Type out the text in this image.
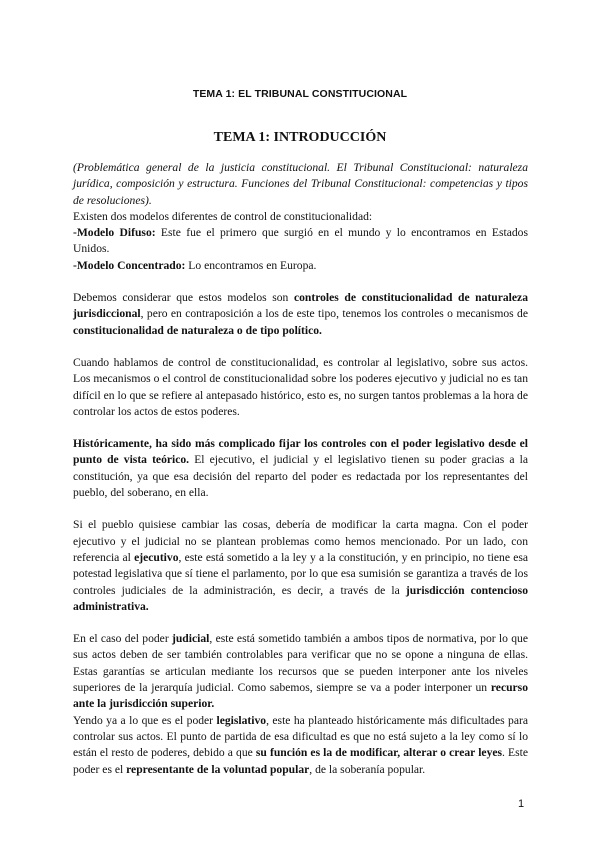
TEMA 1: EL TRIBUNAL CONSTITUCIONAL
TEMA 1: INTRODUCCIÓN

(Problemática general de la justicia constitucional. El Tribunal Constitucional: naturaleza jurídica, composición y estructura. Funciones del Tribunal Constitucional: competencias y tipos de resoluciones).

Existen dos modelos diferentes de control de constitucionalidad:

-Modelo Difuso: Este fue el primero que surgió en el mundo y lo encontramos en Estados Unidos.

-Modelo Concentrado: Lo encontramos en Europa.

Debemos considerar que estos modelos son controles de constitucionalidad de naturaleza jurisdiccional, pero en contraposición a los de este tipo, tenemos los controles o mecanismos de constitucionalidad de naturaleza o de tipo político.

Cuando hablamos de control de constitucionalidad, es controlar al legislativo, sobre sus actos. Los mecanismos o el control de constitucionalidad sobre los poderes ejecutivo y judicial no es tan difícil en lo que se refiere al antepasado histórico, esto es, no surgen tantos problemas a la hora de controlar los actos de estos poderes.

Históricamente, ha sido más complicado fijar los controles con el poder legislativo desde el punto de vista teórico. El ejecutivo, el judicial y el legislativo tienen su poder gracias a la constitución, ya que esa decisión del reparto del poder es redactada por los representantes del pueblo, del soberano, en ella.

Si el pueblo quisiese cambiar las cosas, debería de modificar la carta magna. Con el poder ejecutivo y el judicial no se plantean problemas como hemos mencionado. Por un lado, con referencia al ejecutivo, este está sometido a la ley y a la constitución, y en principio, no tiene esa potestad legislativa que sí tiene el parlamento, por lo que esa sumisión se garantiza a través de los controles judiciales de la administración, es decir, a través de la jurisdicción contencioso administrativa.

En el caso del poder judicial, este está sometido también a ambos tipos de normativa, por lo que sus actos deben de ser también controlables para verificar que no se opone a ninguna de ellas. Estas garantías se articulan mediante los recursos que se pueden interponer ante los niveles superiores de la jerarquía judicial. Como sabemos, siempre se va a poder interponer un recurso ante la jurisdicción superior.

Yendo ya a lo que es el poder legislativo, este ha planteado históricamente más dificultades para controlar sus actos. El punto de partida de esa dificultad es que no está sujeto a la ley como sí lo están el resto de poderes, debido a que su función es la de modificar, alterar o crear leyes. Este poder es el representante de la voluntad popular, de la soberanía popular.

1
